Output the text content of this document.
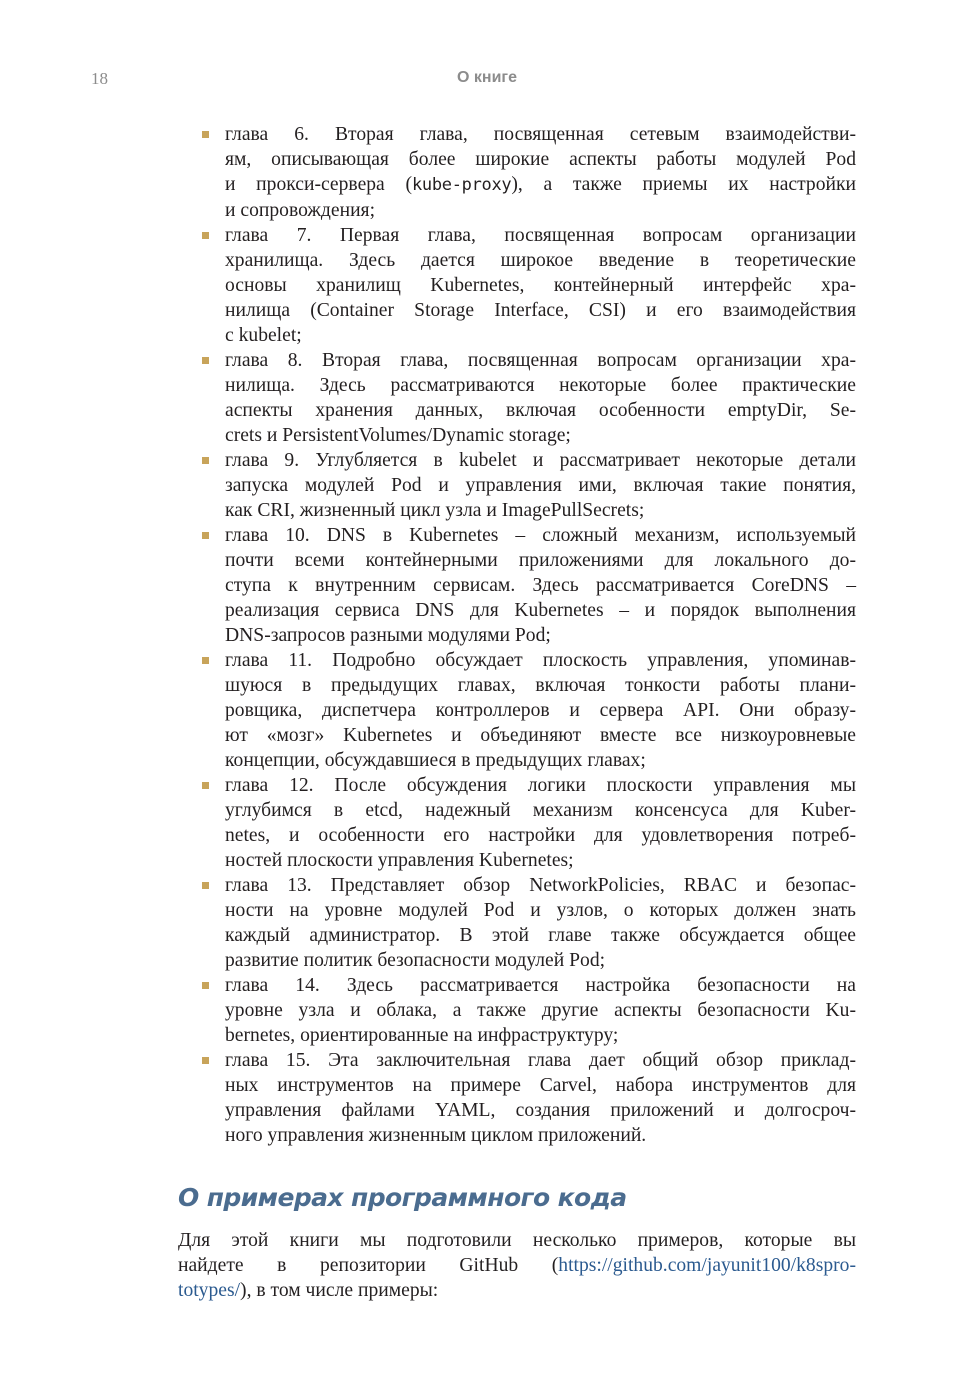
18	О книге
глава 6. Вторая глава, посвященная сетевым взаимодействи-
ям, описывающая более широкие аспекты работы модулей Pod
и прокси-сервера (kube-proxy), а также приемы их настройки
и сопровождения;
глава 7. Первая глава, посвященная вопросам организации
хранилища. Здесь дается широкое введение в теоретические
основы хранилищ Kubernetes, контейнерный интерфейс хра-
нилища (Container Storage Interface, CSI) и его взаимодействия
с kubelet;
глава 8. Вторая глава, посвященная вопросам организации хра-
нилища. Здесь рассматриваются некоторые более практические
аспекты хранения данных, включая особенности emptyDir, Se-
crets и PersistentVolumes/Dynamic storage;
глава 9. Углубляется в kubelet и рассматривает некоторые детали
запуска модулей Pod и управления ими, включая такие понятия,
как CRI, жизненный цикл узла и ImagePullSecrets;
глава 10. DNS в Kubernetes – сложный механизм, используемый
почти всеми контейнерными приложениями для локального до-
ступа к внутренним сервисам. Здесь рассматривается CoreDNS –
реализация сервиса DNS для Kubernetes – и порядок выполнения
DNS-запросов разными модулями Pod;
глава 11. Подробно обсуждает плоскость управления, упоминав-
шуюся в предыдущих главах, включая тонкости работы плани-
ровщика, диспетчера контроллеров и сервера API. Они образу-
ют «мозг» Kubernetes и объединяют вместе все низкоуровневые
концепции, обсуждавшиеся в предыдущих главах;
глава 12. После обсуждения логики плоскости управления мы
углубимся в etcd, надежный механизм консенсуса для Kuber-
netes, и особенности его настройки для удовлетворения потреб-
ностей плоскости управления Kubernetes;
глава 13. Представляет обзор NetworkPolicies, RBAC и безопас-
ности на уровне модулей Pod и узлов, о которых должен знать
каждый администратор. В этой главе также обсуждается общее
развитие политик безопасности модулей Pod;
глава 14. Здесь рассматривается настройка безопасности на
уровне узла и облака, а также другие аспекты безопасности Ku-
bernetes, ориентированные на инфраструктуру;
глава 15. Эта заключительная глава дает общий обзор приклад-
ных инструментов на примере Carvel, набора инструментов для
управления файлами YAML, создания приложений и долгосроч-
ного управления жизненным циклом приложений.
О примерах программного кода
Для этой книги мы подготовили несколько примеров, которые вы
найдете в репозитории GitHub (https://github.com/jayunit100/k8spro-
totypes/), в том числе примеры:
